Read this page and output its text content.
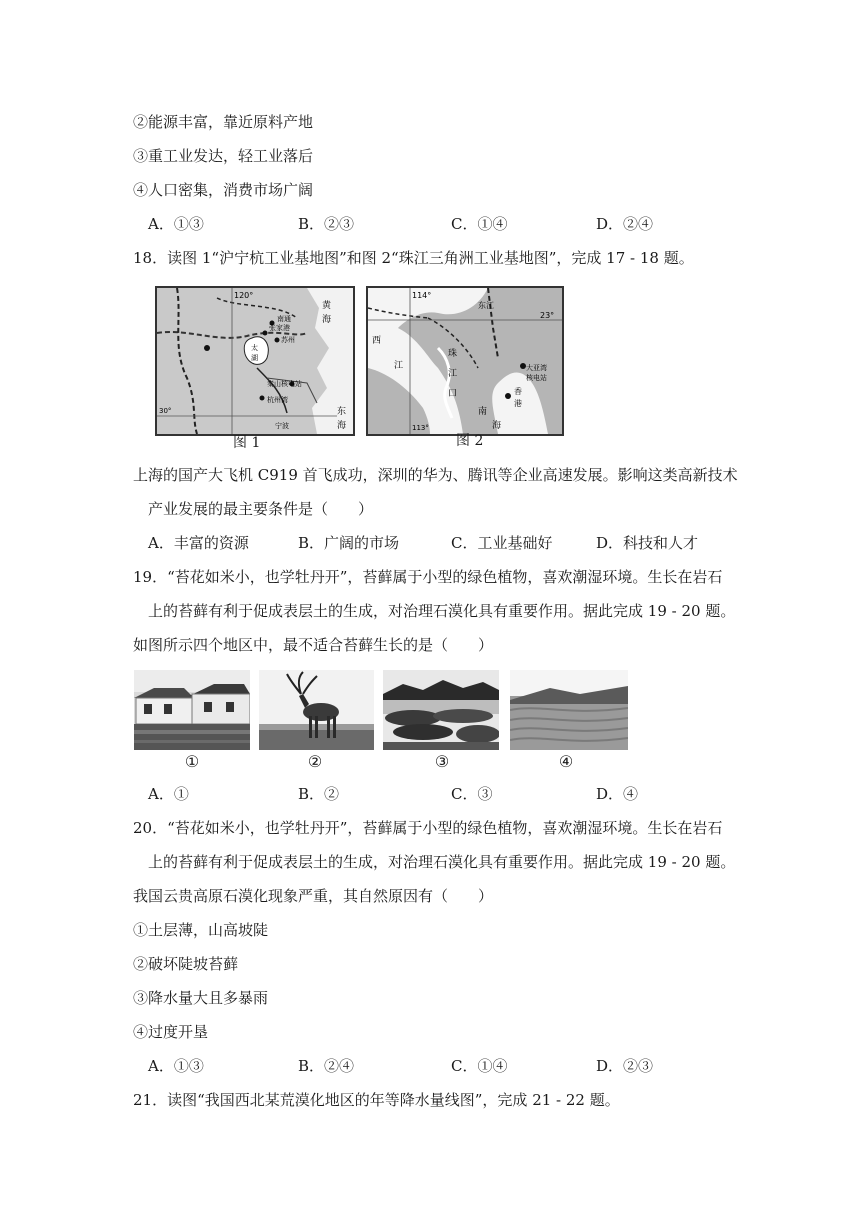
②能源丰富，靠近原料产地
③重工业发达，轻工业落后
④人口密集，消费市场广阔
A．①③	B．②③	C．①④	D．②④
18．读图 1“沪宁杭工业基地图”和图 2“珠江三角洲工业基地图”，完成 17 - 18 题。
120°
黄
海
南通
张家港
苏州
太
湖
秦山核电站
杭州湾
宁波
30°	东
海
图 1
114°
东江
23°
西
江
珠
江
口
大亚湾
核电站
香
港
南
海
113°
图 2
上海的国产大飞机 C919 首飞成功，深圳的华为、腾讯等企业高速发展。影响这类高新技术
产业发展的最主要条件是（　　）
A．丰富的资源	B．广阔的市场	C．工业基础好	D．科技和人才
19．“苔花如米小，也学牡丹开”，苔藓属于小型的绿色植物，喜欢潮湿环境。生长在岩石
上的苔藓有利于促成表层土的生成，对治理石漠化具有重要作用。据此完成 19 - 20 题。
如图所示四个地区中，最不适合苔藓生长的是（　　）
①	②	③	④
A．①	B．②	C．③	D．④
20．“苔花如米小，也学牡丹开”，苔藓属于小型的绿色植物，喜欢潮湿环境。生长在岩石
上的苔藓有利于促成表层土的生成，对治理石漠化具有重要作用。据此完成 19 - 20 题。
我国云贵高原石漠化现象严重，其自然原因有（　　）
①土层薄，山高坡陡
②破坏陡坡苔藓
③降水量大且多暴雨
④过度开垦
A．①③	B．②④	C．①④	D．②③
21．读图“我国西北某荒漠化地区的年等降水量线图”，完成 21 - 22 题。
